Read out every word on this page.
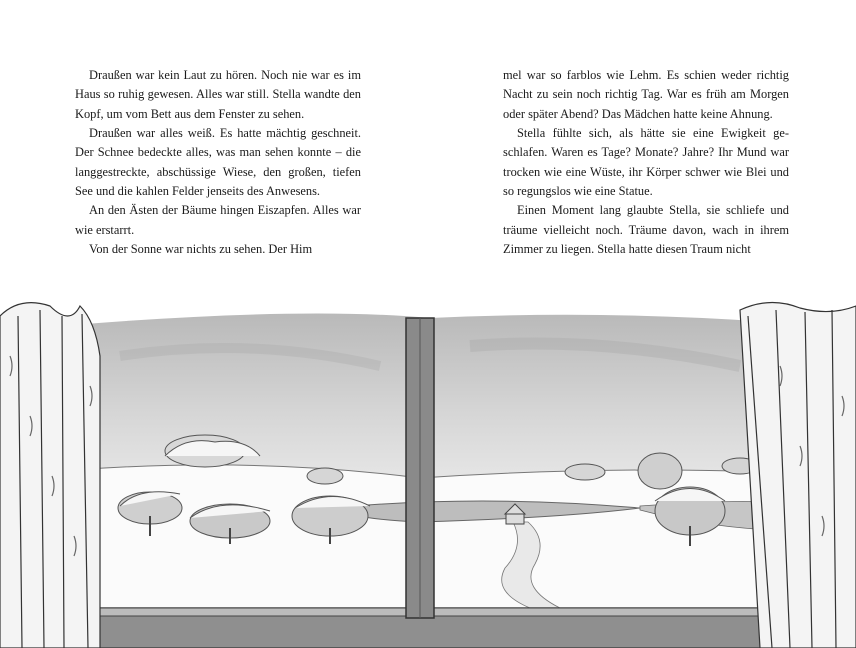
Draußen war kein Laut zu hören. Noch nie war es im Haus so ruhig gewesen. Alles war still. Stella wandte den Kopf, um vom Bett aus dem Fenster zu sehen.

Draußen war alles weiß. Es hatte mächtig geschneit. Der Schnee bedeckte alles, was man sehen konnte – die langgestreckte, abschüssige Wiese, den großen, tiefen See und die kahlen Felder jenseits des Anwesens.

An den Ästen der Bäume hingen Eiszapfen. Alles war wie erstarrt.

Von der Sonne war nichts zu sehen. Der Him

mel war so farblos wie Lehm. Es schien weder richtig Nacht zu sein noch richtig Tag. War es früh am Morgen oder später Abend? Das Mädchen hatte keine Ahnung.

Stella fühlte sich, als hätte sie eine Ewigkeit geschlafen. Waren es Tage? Monate? Jahre? Ihr Mund war trocken wie eine Wüste, ihr Körper schwer wie Blei und so regungslos wie eine Statue.

Einen Moment lang glaubte Stella, sie schliefe und träume vielleicht noch. Träume davon, wach in ihrem Zimmer zu liegen. Stella hatte diesen Traum nicht
